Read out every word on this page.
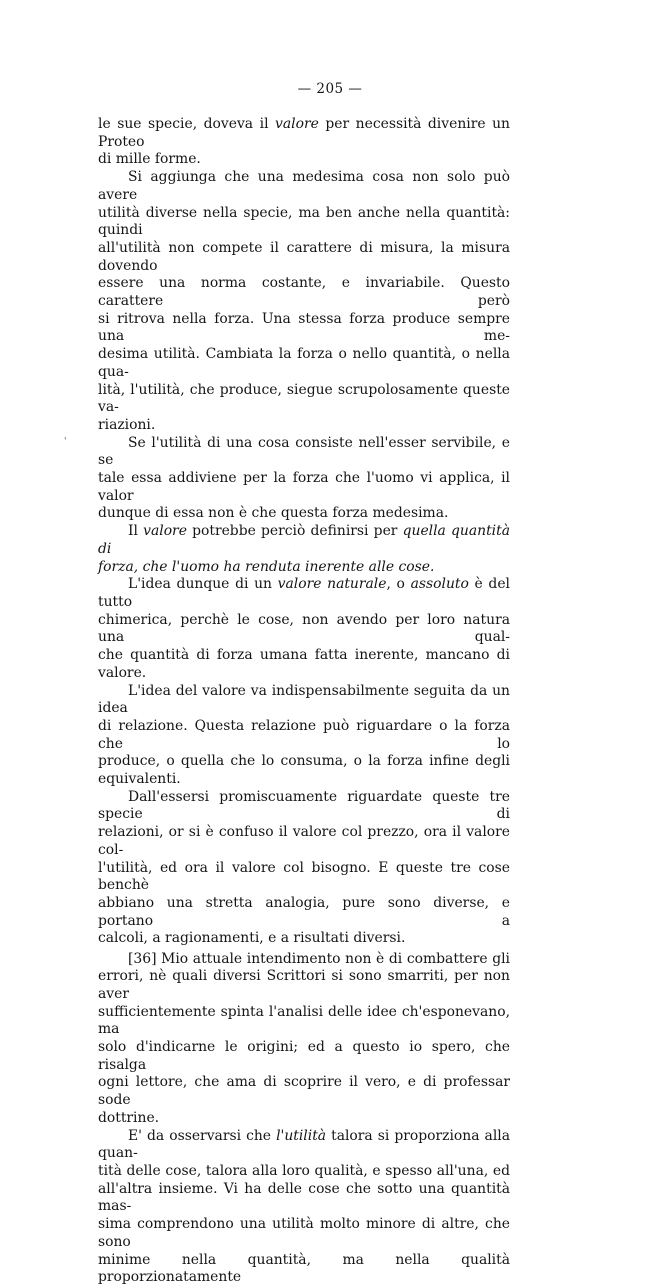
— 205 —
'
le sue specie, doveva il valore per necessità divenire un Proteo
di mille forme.
Si aggiunga che una medesima cosa non solo può avere
utilità diverse nella specie, ma ben anche nella quantità: quindi
all'utilità non compete il carattere di misura, la misura dovendo
essere una norma costante, e invariabile. Questo carattere però
si ritrova nella forza. Una stessa forza produce sempre una me-
desima utilità. Cambiata la forza o nello quantità, o nella qua-
lità, l'utilità, che produce, siegue scrupolosamente queste va-
riazioni.
Se l'utilità di una cosa consiste nell'esser servibile, e se
tale essa addiviene per la forza che l'uomo vi applica, il valor
dunque di essa non è che questa forza medesima.
Il valore potrebbe perciò definirsi per quella quantità di
forza, che l'uomo ha renduta inerente alle cose.
L'idea dunque di un valore naturale, o assoluto è del tutto
chimerica, perchè le cose, non avendo per loro natura una qual-
che quantità di forza umana fatta inerente, mancano di valore.
L'idea del valore va indispensabilmente seguita da un idea
di relazione. Questa relazione può riguardare o la forza che lo
produce, o quella che lo consuma, o la forza infine degli
equivalenti.
Dall'essersi promiscuamente riguardate queste tre specie di
relazioni, or si è confuso il valore col prezzo, ora il valore col-
l'utilità, ed ora il valore col bisogno. E queste tre cose benchè
abbiano una stretta analogia, pure sono diverse, e portano a
calcoli, a ragionamenti, e a risultati diversi.
[36] Mio attuale intendimento non è di combattere gli
errori, nè quali diversi Scrittori si sono smarriti, per non aver
sufficientemente spinta l'analisi delle idee ch'esponevano, ma
solo d'indicarne le origini; ed a questo io spero, che risalga
ogni lettore, che ama di scoprire il vero, e di professar sode
dottrine.
E' da osservarsi che l'utilità talora si proporziona alla quan-
tità delle cose, talora alla loro qualità, e spesso all'una, ed
all'altra insieme. Vi ha delle cose che sotto una quantità mas-
sima comprendono una utilità molto minore di altre, che sono
minime nella quantità, ma nella qualità proporzionatamente
